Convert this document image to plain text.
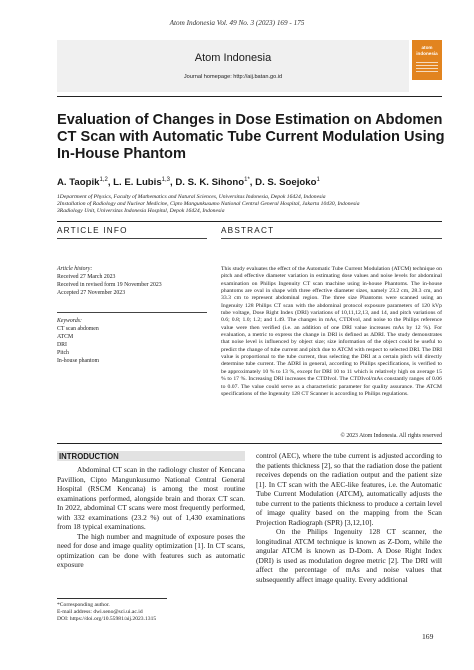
Atom Indonesia Vol. 49 No. 3 (2023) 169 - 175
Atom Indonesia
Journal homepage: http://aij.batan.go.id
atom
indonesia
Evaluation of Changes in Dose Estimation on Abdomen CT Scan with Automatic Tube Current Modulation Using In-House Phantom
A. Taopik$^{1,2}$, L. E. Lubis$^{1,3}$, D. S. K. Sihono$^{1*}$, D. S. Soejoko$^1$
1Department of Physics, Faculty of Mathematics and Natural Sciences, Universitas Indonesia, Depok 16424, Indonesia
2Installation of Radiology and Nuclear Medicine, Cipto Mangunkusumo National Central General Hospital, Jakarta 10430, Indonesia
3Radiology Unit, Universitas Indonesia Hospital, Depok 16424, Indonesia
ARTICLE INFO
Article history:
Received 27 March 2023
Received in revised form 19 November 2023
Accepted 27 November 2023
Keywords:
CT scan abdomen
ATCM
DRI
Pitch
In-house phantom
ABSTRACT

This study evaluates the effect of the Automatic Tube Current Modulation (ATCM) technique on pitch and effective diameter variation in estimating dose values and noise levels for abdominal examination on Philips Ingenuity CT scan machine using in-house Phantoms. The in-house phantoms are oval in shape with three effective diameter sizes, namely 23.2 cm, 28.3 cm, and 33.3 cm to represent abdominal region. The three size Phantoms were scanned using an Ingenuity 128 Philips CT scan with the abdominal protocol exposure parameters of 120 kVp tube voltage, Dose Right Index (DRI) variations of 10,11,12,13, and 14, and pitch variations of 0.6; 0.8; 1.0; 1.2; and 1.49. The changes in mAs, CTDIvol, and noise to the Philips reference value were then verified (i.e. an addition of one DRI value increases mAs by 12 %). For evaluation, a metric to express the change in DRI is defined as ΔDRI. The study demonstrates that noise level is influenced by object size; size information of the object could be useful to predict the change of tube current and pitch due to ATCM with respect to selected DRI. The DRI value is proportional to the tube current, thus selecting the DRI at a certain pitch will directly determine tube current. The ΔDRI in general, according to Philips specifications, is verified to be approximately 10 % to 13 %, except for DRI 10 to 11 which is relatively high on average 15 % to 17 %. Increasing DRI increases the CTDIvol. The CTDIvol/mAs constantly ranges of 0.06 to 0.07. The value could serve as a characteristic parameter for quality assurance. The ATCM specifications of the Ingenuity 128 CT Scanner is according to Philips regulations.

© 2023 Atom Indonesia. All rights reserved
INTRODUCTION

Abdominal CT scan in the radiology cluster of Kencana Pavillion, Cipto Mangunkusumo National Central General Hospital (RSCM Kencana) is among the most routine examinations performed, alongside brain and thorax CT scan. In 2022, abdominal CT scans were most frequently performed, with 332 examinations (23.2 %) out of 1,430 examinations from 18 typical examinations.

The high number and magnitude of exposure poses the need for dose and image quality optimization [1]. In CT scans, optimization can be done with features such as automatic exposure

control (AEC), where the tube current is adjusted according to the patients thickness [2], so that the radiation dose the patient receives depends on the radiation output and the patient size [1]. In CT scan with the AEC-like features, i.e. the Automatic Tube Current Modulation (ATCM), automatically adjusts the tube current to the patients thickness to produce a certain level of image quality based on the mapping from the Scan Projection Radiograph (SPR) [3,12,10].

On the Philips Ingenuity 128 CT scanner, the longitudinal ATCM technique is known as Z-Dom, while the angular ATCM is known as D-Dom. A Dose Right Index (DRI) is used as modulation degree metric [2]. The DRI will affect the percentage of mAs and noise values that subsequently affect image quality. Every additional

*Corresponding author.
E-mail address: dwi.seno@sci.ui.ac.id
DOI: https://doi.org/10.55981/aij.2023.1315
169
